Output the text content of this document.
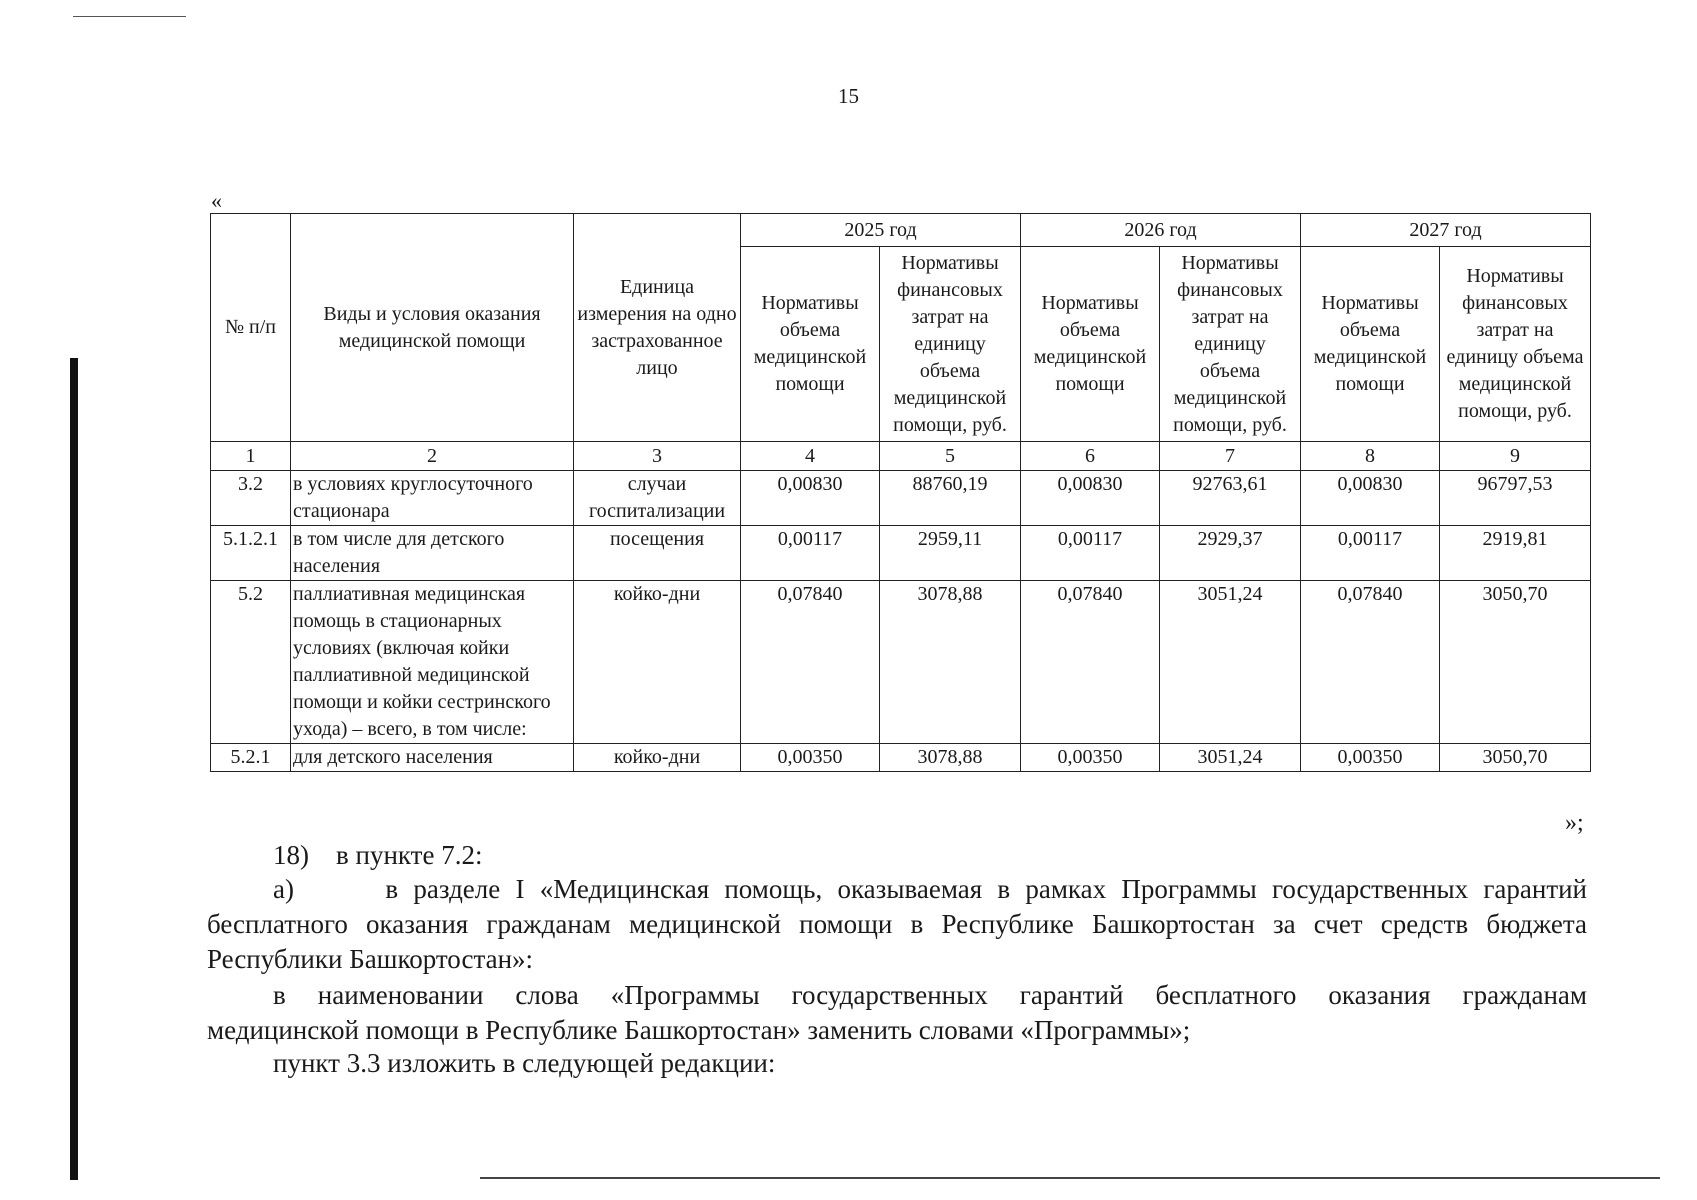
15
«
№ п/п	Виды и условия оказания медицинской помощи	Единица измерения на одно застрахованное лицо	2025 год		2026 год		2027 год	
			Нормативы объема медицинской помощи	Нормативы финансовых затрат на единицу объема медицинской помощи, руб.	Нормативы объема медицинской помощи	Нормативы финансовых затрат на единицу объема медицинской помощи, руб.	Нормативы объема медицинской помощи	Нормативы финансовых затрат на единицу объема медицинской помощи, руб.
1	2	3	4	5	6	7	8	9
3.2	в условиях круглосуточного стационара	случаи госпитализации	0,00830	88760,19	0,00830	92763,61	0,00830	96797,53
5.1.2.1	в том числе для детского населения	посещения	0,00117	2959,11	0,00117	2929,37	0,00117	2919,81
5.2	паллиативная медицинская помощь в стационарных условиях (включая койки паллиативной медицинской помощи и койки сестринского ухода) – всего, в том числе:	койко-дни	0,07840	3078,88	0,07840	3051,24	0,07840	3050,70
5.2.1	для детского населения	койко-дни	0,00350	3078,88	0,00350	3051,24	0,00350	3050,70
»;
18) в пункте 7.2:
а)	в разделе I «Медицинская помощь, оказываемая в рамках Программы государственных гарантий
бесплатного оказания гражданам медицинской помощи в Республике Башкортостан за счет средств бюджета
Республики Башкортостан»:
в наименовании слова «Программы государственных гарантий бесплатного оказания гражданам
медицинской помощи в Республике Башкортостан» заменить словами «Программы»;
пункт 3.3 изложить в следующей редакции:
